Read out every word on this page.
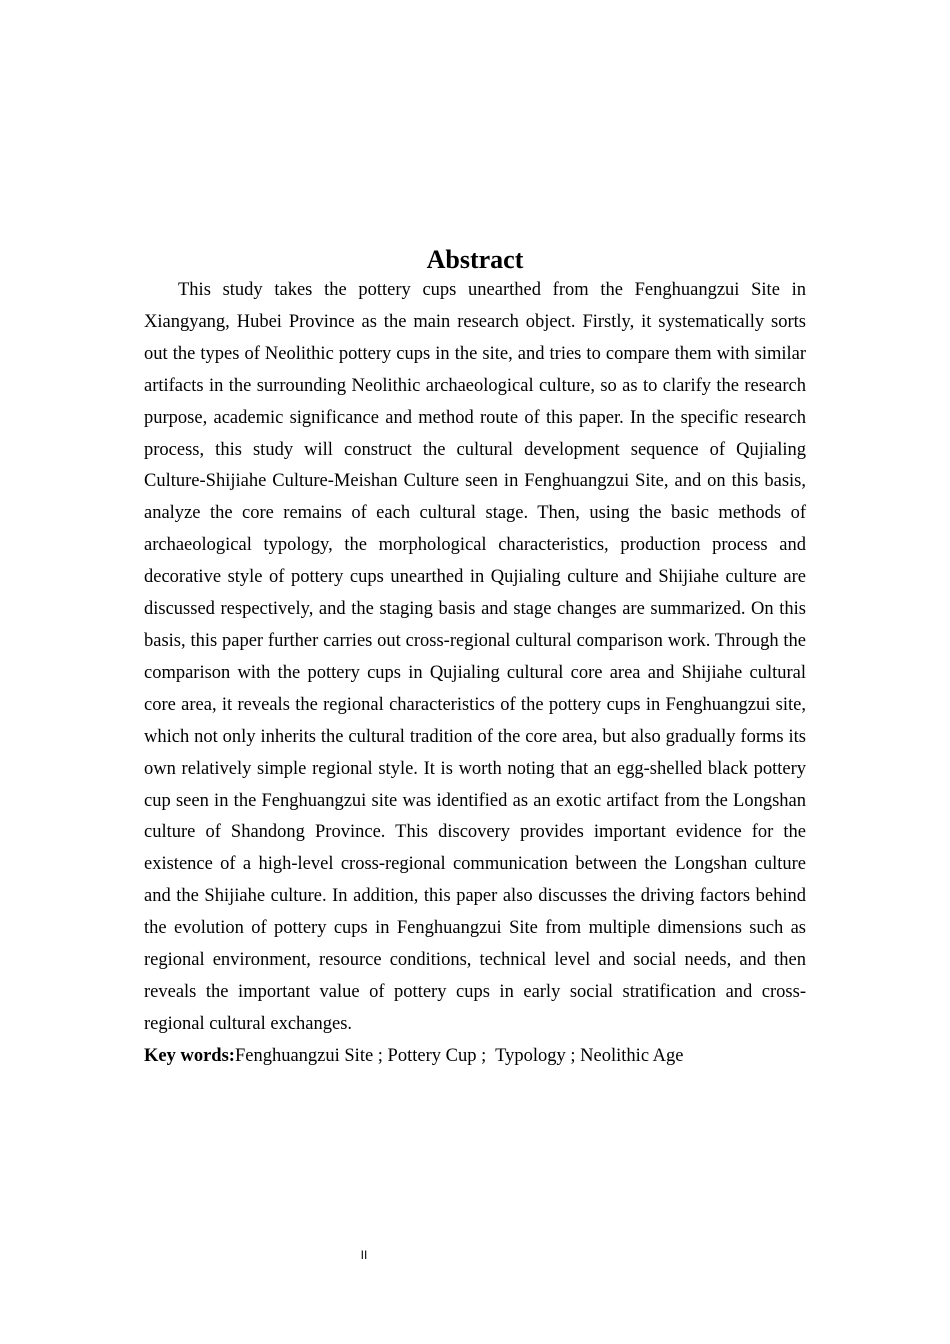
Abstract

This study takes the pottery cups unearthed from the Fenghuangzui Site in Xiangyang, Hubei Province as the main research object. Firstly, it systematically sorts out the types of Neolithic pottery cups in the site, and tries to compare them with similar artifacts in the surrounding Neolithic archaeological culture, so as to clarify the research purpose, academic significance and method route of this paper. In the specific research process, this study will construct the cultural development sequence of Qujialing Culture-Shijiahe Culture-Meishan Culture seen in Fenghuangzui Site, and on this basis, analyze the core remains of each cultural stage. Then, using the basic methods of archaeological typology, the morphological characteristics, production process and decorative style of pottery cups unearthed in Qujialing culture and Shijiahe culture are discussed respectively, and the staging basis and stage changes are summarized. On this basis, this paper further carries out cross-regional cultural comparison work. Through the comparison with the pottery cups in Qujialing cultural core area and Shijiahe cultural core area, it reveals the regional characteristics of the pottery cups in Fenghuangzui site, which not only inherits the cultural tradition of the core area, but also gradually forms its own relatively simple regional style. It is worth noting that an egg-shelled black pottery cup seen in the Fenghuangzui site was identified as an exotic artifact from the Longshan culture of Shandong Province. This discovery provides important evidence for the existence of a high-level cross-regional communication between the Longshan culture and the Shijiahe culture. In addition, this paper also discusses the driving factors behind the evolution of pottery cups in Fenghuangzui Site from multiple dimensions such as regional environment, resource conditions, technical level and social needs, and then reveals the important value of pottery cups in early social stratification and cross-regional cultural exchanges.

Key words:Fenghuangzui Site ; Pottery Cup ;  Typology ; Neolithic Age

II
